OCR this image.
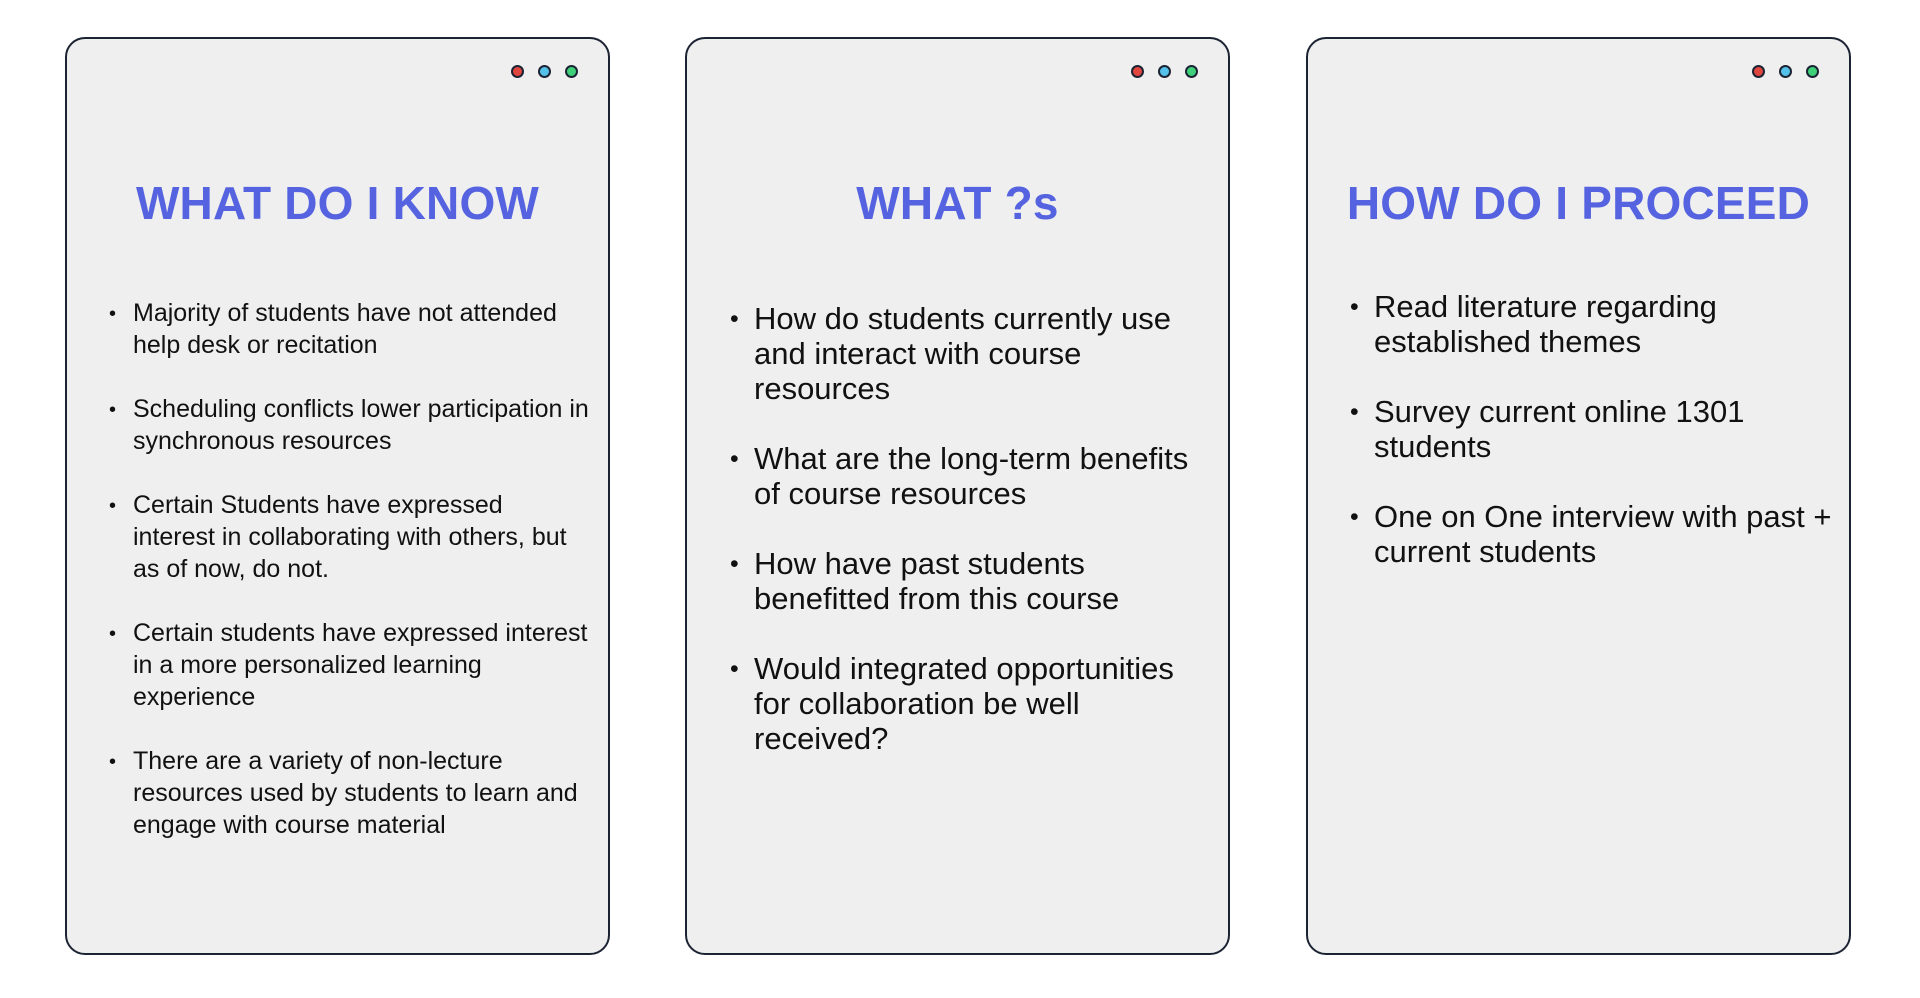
WHAT DO I KNOW
• Majority of students have not attended help desk or recitation
• Scheduling conflicts lower participation in synchronous resources
• Certain Students have expressed interest in collaborating with others, but as of now, do not.
• Certain students have expressed interest in a more personalized learning experience
• There are a variety of non-lecture resources used by students to learn and engage with course material
WHAT ?s
• How do students currently use and interact with course resources
• What are the long-term benefits of course resources
• How have past students benefitted from this course
• Would integrated opportunities for collaboration be well received?
HOW DO I PROCEED
• Read literature regarding established themes
• Survey current online 1301 students
• One on One interview with past + current students
